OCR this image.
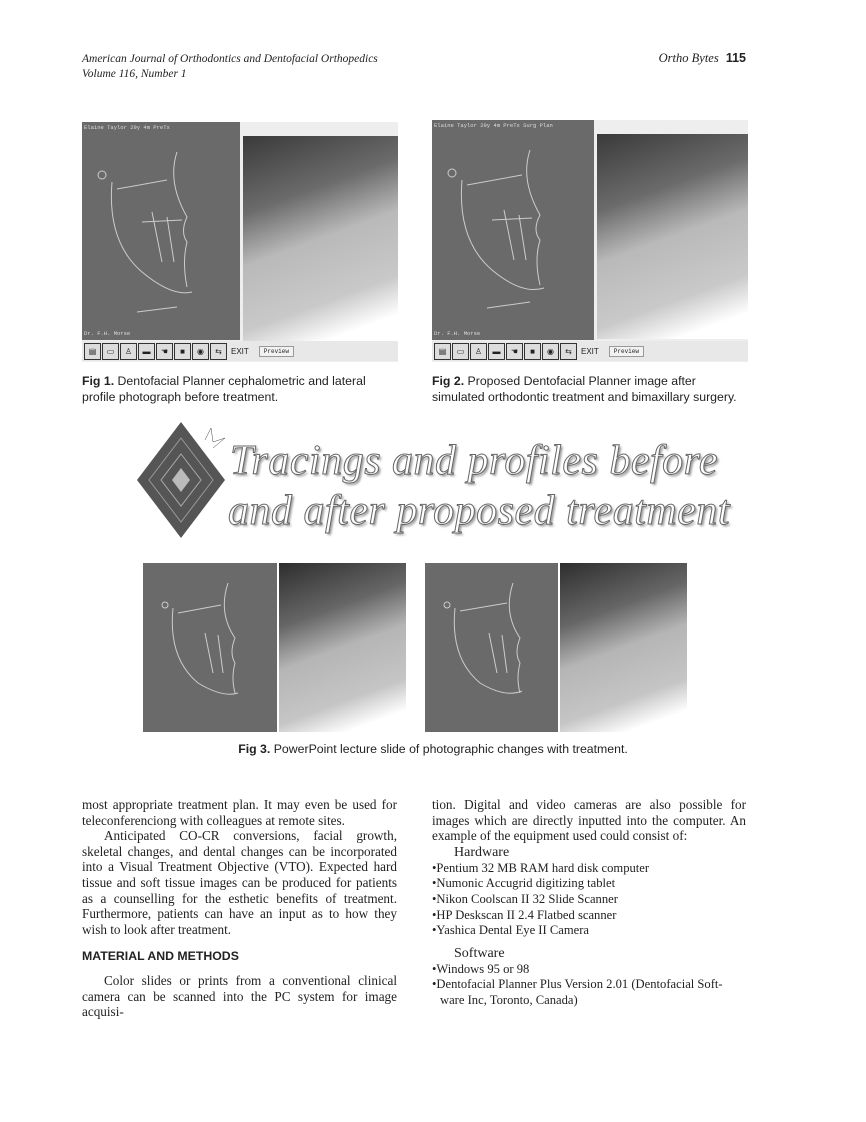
American Journal of Orthodontics and Dentofacial Orthopedics
Volume 116, Number 1
Ortho Bytes 115
Elaine Taylor 29y 4m PreTx
Dr. F.H. Morse
▤	▭	♙	▬	☚	■	◉	⇆	EXIT	Preview
Fig 1. Dentofacial Planner cephalometric and lateral profile photograph before treatment.
Elaine Taylor 29y 4m PreTx Surg Plan
Dr. F.H. Morse
▤	▭	♙	▬	☚	■	◉	⇆	EXIT	Preview
Fig 2. Proposed Dentofacial Planner image after simulated orthodontic treatment and bimaxillary surgery.
Tracings and profiles before
and after proposed treatment
Fig 3. PowerPoint lecture slide of photographic changes with treatment.

most appropriate treatment plan. It may even be used for teleconferenciong with colleagues at remote sites.

Anticipated CO-CR conversions, facial growth, skeletal changes, and dental changes can be incorporated into a Visual Treatment Objective (VTO). Expected hard tissue and soft tissue images can be produced for patients as a counselling for the esthetic benefits of treatment. Furthermore, patients can have an input as to how they wish to look after treatment.

MATERIAL AND METHODS

Color slides or prints from a conventional clinical camera can be scanned into the PC system for image acquisi-

tion. Digital and video cameras are also possible for images which are directly inputted into the computer. An example of the equipment used could consist of:

Hardware
•Pentium 32 MB RAM hard disk computer
•Numonic Accugrid digitizing tablet
•Nikon Coolscan II 32 Slide Scanner
•HP Deskscan II 2.4 Flatbed scanner
•Yashica Dental Eye II Camera
Software
•Windows 95 or 98
•Dentofacial Planner Plus Version 2.01 (Dentofacial Soft-
ware Inc, Toronto, Canada)
